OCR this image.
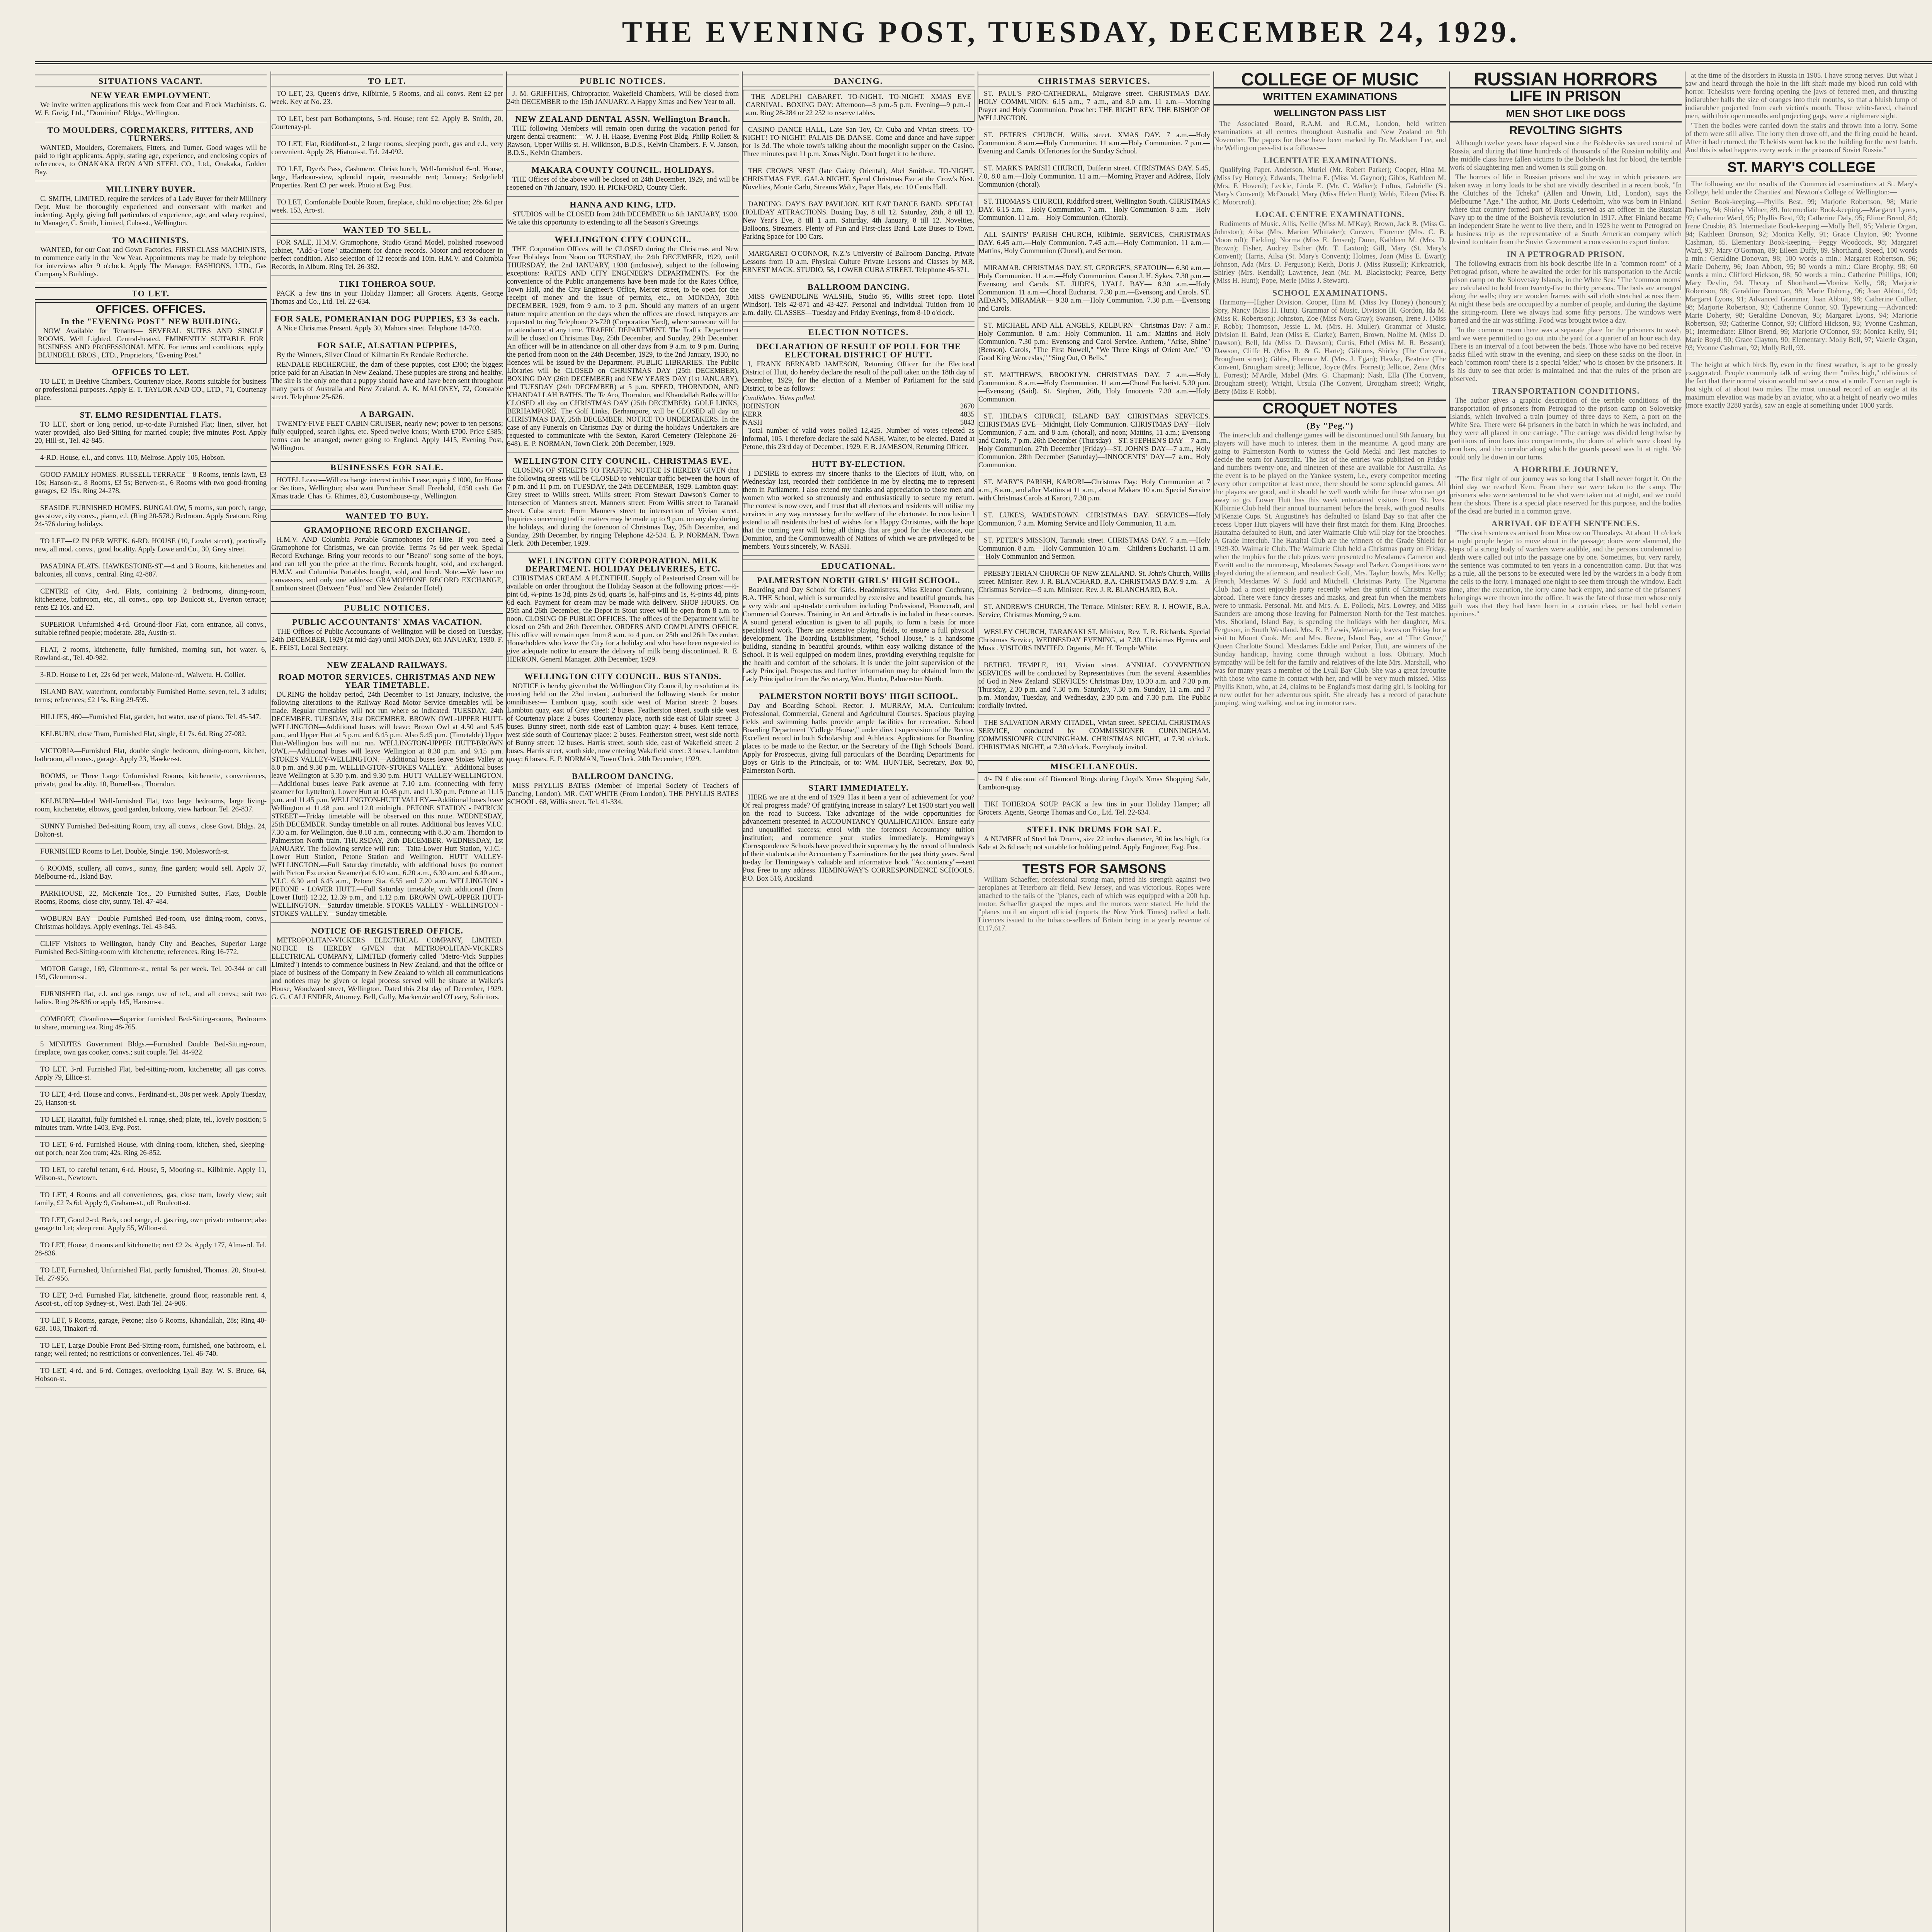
THE EVENING POST, TUESDAY, DECEMBER 24, 1929.
SITUATIONS VACANT.
NEW YEAR EMPLOYMENT.

We invite written applications this week from Coat and Frock Machinists. G. W. F. Greig, Ltd., "Dominion" Bldgs., Wellington.

TO MOULDERS, COREMAKERS, FITTERS, AND TURNERS.

WANTED, Moulders, Coremakers, Fitters, and Turner. Good wages will be paid to right applicants. Apply, stating age, experience, and enclosing copies of references, to ONAKAKA IRON AND STEEL CO., Ltd., Onakaka, Golden Bay.

MILLINERY BUYER.

C. SMITH, LIMITED, require the services of a Lady Buyer for their Millinery Dept. Must be thoroughly experienced and conversant with market and indenting. Apply, giving full particulars of experience, age, and salary required, to Manager, C. Smith, Limited, Cuba-st., Wellington.

TO MACHINISTS.

WANTED, for our Coat and Gown Factories, FIRST-CLASS MACHINISTS, to commence early in the New Year. Appointments may be made by telephone for interviews after 9 o'clock. Apply The Manager, FASHIONS, LTD., Gas Company's Buildings.

TO LET.
OFFICES. OFFICES.
In the "EVENING POST" NEW BUILDING.

NOW Available for Tenants— SEVERAL SUITES AND SINGLE ROOMS. Well Lighted. Central-heated. EMINENTLY SUITABLE FOR BUSINESS AND PROFESSIONAL MEN. For terms and conditions, apply BLUNDELL BROS., LTD., Proprietors, "Evening Post."

OFFICES TO LET.

TO LET, in Beehive Chambers, Courtenay place, Rooms suitable for business or professional purposes. Apply E. T. TAYLOR AND CO., LTD., 71, Courtenay place.

ST. ELMO RESIDENTIAL FLATS.

TO LET, short or long period, up-to-date Furnished Flat; linen, silver, hot water provided, also Bed-Sitting for married couple; five minutes Post. Apply 20, Hill-st., Tel. 42-845.

4-RD. House, e.l., and convs. 110, Melrose. Apply 105, Hobson.

GOOD FAMILY HOMES. RUSSELL TERRACE—8 Rooms, tennis lawn, £3 10s; Hanson-st., 8 Rooms, £3 5s; Berwen-st., 6 Rooms with two good-fronting garages, £2 15s. Ring 24-278.

SEASIDE FURNISHED HOMES. BUNGALOW, 5 rooms, sun porch, range, gas stove, city convs., piano, e.l. (Ring 20-578.) Bedroom. Apply Seatoun. Ring 24-576 during holidays.

TO LET—£2 IN PER WEEK. 6-RD. HOUSE (10, Lowlet street), practically new, all mod. convs., good locality. Apply Lowe and Co., 30, Grey street.

PASADINA FLATS. HAWKESTONE-ST.—4 and 3 Rooms, kitchenettes and balconies, all convs., central. Ring 42-887.

CENTRE of City, 4-rd. Flats, containing 2 bedrooms, dining-room, kitchenette, bathroom, etc., all convs., opp. top Boulcott st., Everton terrace; rents £2 10s. and £2.

SUPERIOR Unfurnished 4-rd. Ground-floor Flat, corn entrance, all convs., suitable refined people; moderate. 28a, Austin-st.

FLAT, 2 rooms, kitchenette, fully furnished, morning sun, hot water. 6, Rowland-st., Tel. 40-982.

3-RD. House to Let, 22s 6d per week, Malone-rd., Waiwetu. H. Collier.

ISLAND BAY, waterfront, comfortably Furnished Home, seven, tel., 3 adults; terms; references; £2 15s. Ring 29-595.

HILLIES, 460—Furnished Flat, garden, hot water, use of piano. Tel. 45-547.

KELBURN, close Tram, Furnished Flat, single, £1 7s. 6d. Ring 27-082.

VICTORIA—Furnished Flat, double single bedroom, dining-room, kitchen, bathroom, all convs., garage. Apply 23, Hawker-st.

ROOMS, or Three Large Unfurnished Rooms, kitchenette, conveniences, private, good locality. 10, Burnell-av., Thorndon.

KELBURN—Ideal Well-furnished Flat, two large bedrooms, large living-room, kitchenette, elbows, good garden, balcony, view harbour. Tel. 26-837.

SUNNY Furnished Bed-sitting Room, tray, all convs., close Govt. Bldgs. 24, Bolton-st.

FURNISHED Rooms to Let, Double, Single. 190, Molesworth-st.

6 ROOMS, scullery, all convs., sunny, fine garden; would sell. Apply 37, Melbourne-rd., Island Bay.

PARKHOUSE, 22, McKenzie Tce., 20 Furnished Suites, Flats, Double Rooms, Rooms, close city, sunny. Tel. 47-484.

WOBURN BAY—Double Furnished Bed-room, use dining-room, convs., Christmas holidays. Apply evenings. Tel. 43-845.

CLIFF Visitors to Wellington, handy City and Beaches, Superior Large Furnished Bed-Sitting-room with kitchenette; references. Ring 16-772.

MOTOR Garage, 169, Glenmore-st., rental 5s per week. Tel. 20-344 or call 159, Glenmore-st.

FURNISHED flat, e.l. and gas range, use of tel., and all convs.; suit two ladies. Ring 28-836 or apply 145, Hanson-st.

COMFORT, Cleanliness—Superior furnished Bed-Sitting-rooms, Bedrooms to share, morning tea. Ring 48-765.

5 MINUTES Government Bldgs.—Furnished Double Bed-Sitting-room, fireplace, own gas cooker, convs.; suit couple. Tel. 44-922.

TO LET, 3-rd. Furnished Flat, bed-sitting-room, kitchenette; all gas convs. Apply 79, Ellice-st.

TO LET, 4-rd. House and convs., Ferdinand-st., 30s per week. Apply Tuesday, 25, Hanson-st.

TO LET, Hataitai, fully furnished e.l. range, shed; plate, tel., lovely position; 5 minutes tram. Write 1403, Evg. Post.

TO LET, 6-rd. Furnished House, with dining-room, kitchen, shed, sleeping-out porch, near Zoo tram; 42s. Ring 26-852.

TO LET, to careful tenant, 6-rd. House, 5, Mooring-st., Kilbirnie. Apply 11, Wilson-st., Newtown.

TO LET, 4 Rooms and all conveniences, gas, close tram, lovely view; suit family, £2 7s 6d. Apply 9, Graham-st., off Boulcott-st.

TO LET, Good 2-rd. Back, cool range, el. gas ring, own private entrance; also garage to Let; sleep rent. Apply 55, Wilton-rd.

TO LET, House, 4 rooms and kitchenette; rent £2 2s. Apply 177, Alma-rd. Tel. 28-836.

TO LET, Furnished, Unfurnished Flat, partly furnished, Thomas. 20, Stout-st. Tel. 27-956.

TO LET, 3-rd. Furnished Flat, kitchenette, ground floor, reasonable rent. 4, Ascot-st., off top Sydney-st., West. Bath Tel. 24-906.

TO LET, 6 Rooms, garage, Petone; also 6 Rooms, Khandallah, 28s; Ring 40-628. 103, Tinakori-rd.

TO LET, Large Double Front Bed-Sitting-room, furnished, one bathroom, e.l. range; well rented; no restrictions or conveniences. Tel. 46-740.

TO LET, 4-rd. and 6-rd. Cottages, overlooking Lyall Bay. W. S. Bruce, 64, Hobson-st.

TO LET.

TO LET, 23, Queen's drive, Kilbirnie, 5 Rooms, and all convs. Rent £2 per week. Key at No. 23.

TO LET, best part Bothamptons, 5-rd. House; rent £2. Apply B. Smith, 20, Courtenay-pl.

TO LET, Flat, Riddiford-st., 2 large rooms, sleeping porch, gas and e.l., very convenient. Apply 28, Hiatoui-st. Tel. 24-092.

TO LET, Dyer's Pass, Cashmere, Christchurch, Well-furnished 6-rd. House, large, Harbour-view, splendid repair, reasonable rent; January; Sedgefield Properties. Rent £3 per week. Photo at Evg. Post.

TO LET, Comfortable Double Room, fireplace, child no objection; 28s 6d per week. 153, Aro-st.

WANTED TO SELL.

FOR SALE, H.M.V. Gramophone, Studio Grand Model, polished rosewood cabinet, "Add-a-Tone" attachment for dance records. Motor and reproducer in perfect condition. Also selection of 12 records and 10in. H.M.V. and Columbia Records, in Album. Ring Tel. 26-382.

TIKI TOHEROA SOUP.

PACK a few tins in your Holiday Hamper; all Grocers. Agents, George Thomas and Co., Ltd. Tel. 22-634.

FOR SALE, POMERANIAN DOG PUPPIES, £3 3s each.

A Nice Christmas Present. Apply 30, Mahora street. Telephone 14-703.

FOR SALE, ALSATIAN PUPPIES,

By the Winners, Silver Cloud of Kilmartin Ex Rendale Recherche.

RENDALE RECHERCHE, the dam of these puppies, cost £300; the biggest price paid for an Alsatian in New Zealand. These puppies are strong and healthy. The sire is the only one that a puppy should have and have been sent throughout many parts of Australia and New Zealand. A. K. MALONEY, 72, Constable street. Telephone 25-626.

A BARGAIN.

TWENTY-FIVE FEET CABIN CRUISER, nearly new; power to ten persons; fully equipped, search lights, etc. Speed twelve knots; Worth £700. Price £385; terms can be arranged; owner going to England. Apply 1415, Evening Post, Wellington.

BUSINESSES FOR SALE.

HOTEL Lease—Will exchange interest in this Lease, equity £1000, for House or Sections, Wellington; also want Purchaser Small Freehold, £450 cash. Get Xmas trade. Chas. G. Rhimes, 83, Customhouse-qy., Wellington.

WANTED TO BUY.
GRAMOPHONE RECORD EXCHANGE.

H.M.V. AND Columbia Portable Gramophones for Hire. If you need a Gramophone for Christmas, we can provide. Terms 7s 6d per week. Special Record Exchange. Bring your records to our "Beano" song some of the boys, and can tell you the price at the time. Records bought, sold, and exchanged. H.M.V. and Columbia Portables bought, sold, and hired. Note.—We have no canvassers, and only one address: GRAMOPHONE RECORD EXCHANGE, Lambton street (Between "Post" and New Zealander Hotel).

PUBLIC NOTICES.
PUBLIC ACCOUNTANTS' XMAS VACATION.

THE Offices of Public Accountants of Wellington will be closed on Tuesday, 24th DECEMBER, 1929 (at mid-day) until MONDAY, 6th JANUARY, 1930. F. E. FEIST, Local Secretary.

NEW ZEALAND RAILWAYS.
ROAD MOTOR SERVICES. CHRISTMAS AND NEW YEAR TIMETABLE.

DURING the holiday period, 24th December to 1st January, inclusive, the following alterations to the Railway Road Motor Service timetables will be made. Regular timetables will not run where so indicated. TUESDAY, 24th DECEMBER. TUESDAY, 31st DECEMBER. BROWN OWL-UPPER HUTT-WELLINGTON—Additional buses will leave: Brown Owl at 4.50 and 5.45 p.m., and Upper Hutt at 5 p.m. and 6.45 p.m. Also 5.45 p.m. (Timetable) Upper Hutt-Wellington bus will not run. WELLINGTON-UPPER HUTT-BROWN OWL.—Additional buses will leave Wellington at 8.30 p.m. and 9.15 p.m. STOKES VALLEY-WELLINGTON.—Additional buses leave Stokes Valley at 8.0 p.m. and 9.30 p.m. WELLINGTON-STOKES VALLEY.—Additional buses leave Wellington at 5.30 p.m. and 9.30 p.m. HUTT VALLEY-WELLINGTON.—Additional buses leave Park avenue at 7.10 a.m. (connecting with ferry steamer for Lyttelton). Lower Hutt at 10.48 p.m. and 11.30 p.m. Petone at 11.15 p.m. and 11.45 p.m. WELLINGTON-HUTT VALLEY.—Additional buses leave Wellington at 11.48 p.m. and 12.0 midnight. PETONE STATION - PATRICK STREET.—Friday timetable will be observed on this route. WEDNESDAY, 25th DECEMBER. Sunday timetable on all routes. Additional bus leaves V.I.C. 7.30 a.m. for Wellington, due 8.10 a.m., connecting with 8.30 a.m. Thorndon to Palmerston North train. THURSDAY, 26th DECEMBER. WEDNESDAY, 1st JANUARY. The following service will run:—Taita-Lower Hutt Station, V.I.C.-Lower Hutt Station, Petone Station and Wellington. HUTT VALLEY-WELLINGTON.—Full Saturday timetable, with additional buses (to connect with Picton Excursion Steamer) at 6.10 a.m., 6.20 a.m., 6.30 a.m. and 6.40 a.m., V.I.C. 6.30 and 6.45 a.m., Petone Sta. 6.55 and 7.20 a.m. WELLINGTON - PETONE - LOWER HUTT.—Full Saturday timetable, with additional (from Lower Hutt) 12.22, 12.39 p.m., and 1.12 p.m. BROWN OWL-UPPER HUTT-WELLINGTON.—Saturday timetable. STOKES VALLEY - WELLINGTON - STOKES VALLEY.—Sunday timetable.

NOTICE OF REGISTERED OFFICE.

METROPOLITAN-VICKERS ELECTRICAL COMPANY, LIMITED. NOTICE IS HEREBY GIVEN that METROPOLITAN-VICKERS ELECTRICAL COMPANY, LIMITED (formerly called "Metro-Vick Supplies Limited") intends to commence business in New Zealand, and that the office or place of business of the Company in New Zealand to which all communications and notices may be given or legal process served will be situate at Walker's House, Woodward street, Wellington. Dated this 21st day of December, 1929. G. G. CALLENDER, Attorney. Bell, Gully, Mackenzie and O'Leary, Solicitors.

PUBLIC NOTICES.

J. M. GRIFFITHS, Chiropractor, Wakefield Chambers, Will be closed from 24th DECEMBER to the 15th JANUARY. A Happy Xmas and New Year to all.

NEW ZEALAND DENTAL ASSN. Wellington Branch.

THE following Members will remain open during the vacation period for urgent dental treatment:— W. J. H. Haase, Evening Post Bldg. Philip Rollett & Rawson, Upper Willis-st. H. Wilkinson, B.D.S., Kelvin Chambers. F. V. Janson, B.D.S., Kelvin Chambers.

MAKARA COUNTY COUNCIL. HOLIDAYS.

THE Offices of the above will be closed on 24th December, 1929, and will be reopened on 7th January, 1930. H. PICKFORD, County Clerk.

HANNA AND KING, LTD.

STUDIOS will be CLOSED from 24th DECEMBER to 6th JANUARY, 1930. We take this opportunity to extending to all the Season's Greetings.

WELLINGTON CITY COUNCIL.

THE Corporation Offices will be CLOSED during the Christmas and New Year Holidays from Noon on TUESDAY, the 24th DECEMBER, 1929, until THURSDAY, the 2nd JANUARY, 1930 (inclusive), subject to the following exceptions: RATES AND CITY ENGINEER'S DEPARTMENTS. For the convenience of the Public arrangements have been made for the Rates Office, Town Hall, and the City Engineer's Office, Mercer street, to be open for the receipt of money and the issue of permits, etc., on MONDAY, 30th DECEMBER, 1929, from 9 a.m. to 3 p.m. Should any matters of an urgent nature require attention on the days when the offices are closed, ratepayers are requested to ring Telephone 23-720 (Corporation Yard), where someone will be in attendance at any time. TRAFFIC DEPARTMENT. The Traffic Department will be closed on Christmas Day, 25th December, and Sunday, 29th December. An officer will be in attendance on all other days from 9 a.m. to 9 p.m. During the period from noon on the 24th December, 1929, to the 2nd January, 1930, no licences will be issued by the Department. PUBLIC LIBRARIES. The Public Libraries will be CLOSED on CHRISTMAS DAY (25th DECEMBER), BOXING DAY (26th DECEMBER) and NEW YEAR'S DAY (1st JANUARY), and TUESDAY (24th DECEMBER) at 5 p.m. SPEED, THORNDON, AND KHANDALLAH BATHS. The Te Aro, Thorndon, and Khandallah Baths will be CLOSED all day on CHRISTMAS DAY (25th DECEMBER). GOLF LINKS, BERHAMPORE. The Golf Links, Berhampore, will be CLOSED all day on CHRISTMAS DAY, 25th DECEMBER. NOTICE TO UNDERTAKERS. In the case of any Funerals on Christmas Day or during the holidays Undertakers are requested to communicate with the Sexton, Karori Cemetery (Telephone 26-648). E. P. NORMAN, Town Clerk. 20th December, 1929.

WELLINGTON CITY COUNCIL. CHRISTMAS EVE.

CLOSING OF STREETS TO TRAFFIC. NOTICE IS HEREBY GIVEN that the following streets will be CLOSED to vehicular traffic between the hours of 7 p.m. and 11 p.m. on TUESDAY, the 24th DECEMBER, 1929. Lambton quay: Grey street to Willis street. Willis street: From Stewart Dawson's Corner to intersection of Manners street. Manners street: From Willis street to Taranaki street. Cuba street: From Manners street to intersection of Vivian street. Inquiries concerning traffic matters may be made up to 9 p.m. on any day during the holidays, and during the forenoon of Christmas Day, 25th December, and Sunday, 29th December, by ringing Telephone 42-534. E. P. NORMAN, Town Clerk. 20th December, 1929.

WELLINGTON CITY CORPORATION. MILK DEPARTMENT. HOLIDAY DELIVERIES, ETC.

CHRISTMAS CREAM. A PLENTIFUL Supply of Pasteurised Cream will be available on order throughout the Holiday Season at the following prices:—½-pint 6d, ¼-pints 1s 3d, pints 2s 6d, quarts 5s, half-pints and 1s, ½-pints 4d, pints 6d each. Payment for cream may be made with delivery. SHOP HOURS. On 25th and 26th December, the Depot in Stout street will be open from 8 a.m. to noon. CLOSING OF PUBLIC OFFICES. The offices of the Department will be closed on 25th and 26th December. ORDERS AND COMPLAINTS OFFICE. This office will remain open from 8 a.m. to 4 p.m. on 25th and 26th December. Householders who leave the City for a holiday and who have been requested to give adequate notice to ensure the delivery of milk being discontinued. R. E. HERRON, General Manager. 20th December, 1929.

WELLINGTON CITY COUNCIL. BUS STANDS.

NOTICE is hereby given that the Wellington City Council, by resolution at its meeting held on the 23rd instant, authorised the following stands for motor omnibuses:— Lambton quay, south side west of Marion street: 2 buses. Lambton quay, east of Grey street: 2 buses. Featherston street, south side west of Courtenay place: 2 buses. Courtenay place, north side east of Blair street: 3 buses. Bunny street, north side east of Lambton quay: 4 buses. Kent terrace, west side south of Courtenay place: 2 buses. Featherston street, west side north of Bunny street: 12 buses. Harris street, south side, east of Wakefield street: 2 buses. Harris street, south side, now entering Wakefield street: 3 buses. Lambton quay: 6 buses. E. P. NORMAN, Town Clerk. 24th December, 1929.

BALLROOM DANCING.

MISS PHYLLIS BATES (Member of Imperial Society of Teachers of Dancing, London). MR. CAT WHITE (From London). THE PHYLLIS BATES SCHOOL. 68, Willis street. Tel. 41-334.

DANCING.

THE ADELPHI CABARET. TO-NIGHT. TO-NIGHT. XMAS EVE CARNIVAL. BOXING DAY: Afternoon—3 p.m.-5 p.m. Evening—9 p.m.-1 a.m. Ring 28-284 or 22 252 to reserve tables.

CASINO DANCE HALL, Late San Toy, Cr. Cuba and Vivian streets. TO-NIGHT! TO-NIGHT! PALAIS DE DANSE. Come and dance and have supper for 1s 3d. The whole town's talking about the moonlight supper on the Casino. Three minutes past 11 p.m. Xmas Night. Don't forget it to be there.

THE CROW'S NEST (late Gaiety Oriental), Abel Smith-st. TO-NIGHT. CHRISTMAS EVE. GALA NIGHT. Spend Christmas Eve at the Crow's Nest. Novelties, Monte Carlo, Streams Waltz, Paper Hats, etc. 10 Cents Hall.

DANCING. DAY'S BAY PAVILION. KIT KAT DANCE BAND. SPECIAL HOLIDAY ATTRACTIONS. Boxing Day, 8 till 12. Saturday, 28th, 8 till 12. New Year's Eve, 8 till 1 a.m. Saturday, 4th January, 8 till 12. Novelties, Balloons, Streamers. Plenty of Fun and First-class Band. Late Buses to Town. Parking Space for 100 Cars.

MARGARET O'CONNOR, N.Z.'s University of Ballroom Dancing. Private Lessons from 10 a.m. Physical Culture Private Lessons and Classes by MR. ERNEST MACK. STUDIO, 58, LOWER CUBA STREET. Telephone 45-371.

BALLROOM DANCING.

MISS GWENDOLINE WALSHE, Studio 95, Willis street (opp. Hotel Windsor). Tels 42-871 and 43-427. Personal and Individual Tuition from 10 a.m. daily. CLASSES—Tuesday and Friday Evenings, from 8-10 o'clock.

ELECTION NOTICES.
DECLARATION OF RESULT OF POLL FOR THE ELECTORAL DISTRICT OF HUTT.

I, FRANK BERNARD JAMESON, Returning Officer for the Electoral District of Hutt, do hereby declare the result of the poll taken on the 18th day of December, 1929, for the election of a Member of Parliament for the said District, to be as follows:—

Candidates. Votes polled.
JOHNSTON	2670
KERR	4835
NASH	5043

Total number of valid votes polled 12,425. Number of votes rejected as informal, 105. I therefore declare the said NASH, Walter, to be elected. Dated at Petone, this 23rd day of December, 1929. F. B. JAMESON, Returning Officer.

HUTT BY-ELECTION.

I DESIRE to express my sincere thanks to the Electors of Hutt, who, on Wednesday last, recorded their confidence in me by electing me to represent them in Parliament. I also extend my thanks and appreciation to those men and women who worked so strenuously and enthusiastically to secure my return. The contest is now over, and I trust that all electors and residents will utilise my services in any way necessary for the welfare of the electorate. In conclusion I extend to all residents the best of wishes for a Happy Christmas, with the hope that the coming year will bring all things that are good for the electorate, our Dominion, and the Commonwealth of Nations of which we are privileged to be members. Yours sincerely, W. NASH.

EDUCATIONAL.
PALMERSTON NORTH GIRLS' HIGH SCHOOL.

Boarding and Day School for Girls. Headmistress, Miss Eleanor Cochrane, B.A. THE School, which is surrounded by extensive and beautiful grounds, has a very wide and up-to-date curriculum including Professional, Homecraft, and Commercial Courses. Training in Art and Artcrafts is included in these courses. A sound general education is given to all pupils, to form a basis for more specialised work. There are extensive playing fields, to ensure a full physical development. The Boarding Establishment, "School House," is a handsome building, standing in beautiful grounds, within easy walking distance of the School. It is well equipped on modern lines, providing everything requisite for the health and comfort of the scholars. It is under the joint supervision of the Lady Principal. Prospectus and further information may be obtained from the Lady Principal or from the Secretary, Wm. Hunter, Palmerston North.

PALMERSTON NORTH BOYS' HIGH SCHOOL.

Day and Boarding School. Rector: J. MURRAY, M.A. Curriculum: Professional, Commercial, General and Agricultural Courses. Spacious playing fields and swimming baths provide ample facilities for recreation. School Boarding Department "College House," under direct supervision of the Rector. Excellent record in both Scholarship and Athletics. Applications for Boarding places to be made to the Rector, or the Secretary of the High Schools' Board. Apply for Prospectus, giving full particulars of the Boarding Departments for Boys or Girls to the Principals, or to: WM. HUNTER, Secretary, Box 80, Palmerston North.

START IMMEDIATELY.

HERE we are at the end of 1929. Has it been a year of achievement for you? Of real progress made? Of gratifying increase in salary? Let 1930 start you well on the road to Success. Take advantage of the wide opportunities for advancement presented in ACCOUNTANCY QUALIFICATION. Ensure early and unqualified success; enrol with the foremost Accountancy tuition institution; and commence your studies immediately. Hemingway's Correspondence Schools have proved their supremacy by the record of hundreds of their students at the Accountancy Examinations for the past thirty years. Send to-day for Hemingway's valuable and informative book "Accountancy"—sent Post Free to any address. HEMINGWAY'S CORRESPONDENCE SCHOOLS. P.O. Box 516, Auckland.

CHRISTMAS SERVICES.

ST. PAUL'S PRO-CATHEDRAL, Mulgrave street. CHRISTMAS DAY. HOLY COMMUNION: 6.15 a.m., 7 a.m., and 8.0 a.m. 11 a.m.—Morning Prayer and Holy Communion. Preacher: THE RIGHT REV. THE BISHOP OF WELLINGTON.

ST. PETER'S CHURCH, Willis street. XMAS DAY. 7 a.m.—Holy Communion. 8 a.m.—Holy Communion. 11 a.m.—Holy Communion. 7 p.m.—Evening and Carols. Offertories for the Sunday School.

ST. MARK'S PARISH CHURCH, Dufferin street. CHRISTMAS DAY. 5.45, 7.0, 8.0 a.m.—Holy Communion. 11 a.m.—Morning Prayer and Address, Holy Communion (choral).

ST. THOMAS'S CHURCH, Riddiford street, Wellington South. CHRISTMAS DAY. 6.15 a.m.—Holy Communion. 7 a.m.—Holy Communion. 8 a.m.—Holy Communion. 11 a.m.—Holy Communion. (Choral).

ALL SAINTS' PARISH CHURCH, Kilbirnie. SERVICES, CHRISTMAS DAY. 6.45 a.m.—Holy Communion. 7.45 a.m.—Holy Communion. 11 a.m.—Mattins, Holy Communion (Choral), and Sermon.

MIRAMAR. CHRISTMAS DAY. ST. GEORGE'S, SEATOUN— 6.30 a.m.—Holy Communion. 11 a.m.—Holy Communion. Canon J. H. Sykes. 7.30 p.m.—Evensong and Carols. ST. JUDE'S, LYALL BAY— 8.30 a.m.—Holy Communion. 11 a.m.—Choral Eucharist. 7.30 p.m.—Evensong and Carols. ST. AIDAN'S, MIRAMAR— 9.30 a.m.—Holy Communion. 7.30 p.m.—Evensong and Carols.

ST. MICHAEL AND ALL ANGELS, KELBURN—Christmas Day: 7 a.m.: Holy Communion. 8 a.m.: Holy Communion. 11 a.m.: Mattins and Holy Communion. 7.30 p.m.: Evensong and Carol Service. Anthem, "Arise, Shine" (Benson). Carols, "The First Nowell," "We Three Kings of Orient Are," "O Good King Wenceslas," "Sing Out, O Bells."

ST. MATTHEW'S, BROOKLYN. CHRISTMAS DAY. 7 a.m.—Holy Communion. 8 a.m.—Holy Communion. 11 a.m.—Choral Eucharist. 5.30 p.m.—Evensong (Said). St. Stephen, 26th, Holy Innocents 7.30 a.m.—Holy Communion.

ST. HILDA'S CHURCH, ISLAND BAY. CHRISTMAS SERVICES. CHRISTMAS EVE—Midnight, Holy Communion. CHRISTMAS DAY—Holy Communion, 7 a.m. and 8 a.m. (choral), and noon; Mattins, 11 a.m.; Evensong and Carols, 7 p.m. 26th December (Thursday)—ST. STEPHEN'S DAY—7 a.m., Holy Communion. 27th December (Friday)—ST. JOHN'S DAY—7 a.m., Holy Communion. 28th December (Saturday)—INNOCENTS' DAY—7 a.m., Holy Communion.

ST. MARY'S PARISH, KARORI—Christmas Day: Holy Communion at 7 a.m., 8 a.m., and after Mattins at 11 a.m., also at Makara 10 a.m. Special Service with Christmas Carols at Karori, 7.30 p.m.

ST. LUKE'S, WADESTOWN. CHRISTMAS DAY. SERVICES—Holy Communion, 7 a.m. Morning Service and Holy Communion, 11 a.m.

ST. PETER'S MISSION, Taranaki street. CHRISTMAS DAY. 7 a.m.—Holy Communion. 8 a.m.—Holy Communion. 10 a.m.—Children's Eucharist. 11 a.m.—Holy Communion and Sermon.

PRESBYTERIAN CHURCH OF NEW ZEALAND. St. John's Church, Willis street. Minister: Rev. J. R. BLANCHARD, B.A. CHRISTMAS DAY. 9 a.m.—A Christmas Service—9 a.m. Minister: Rev. J. R. BLANCHARD, B.A.

ST. ANDREW'S CHURCH, The Terrace. Minister: REV. R. J. HOWIE, B.A. Service, Christmas Morning, 9 a.m.

WESLEY CHURCH, TARANAKI ST. Minister, Rev. T. R. Richards. Special Christmas Service, WEDNESDAY EVENING, at 7.30. Christmas Hymns and Music. VISITORS INVITED. Organist, Mr. H. Temple White.

BETHEL TEMPLE, 191, Vivian street. ANNUAL CONVENTION SERVICES will be conducted by Representatives from the several Assemblies of God in New Zealand. SERVICES: Christmas Day, 10.30 a.m. and 7.30 p.m. Thursday, 2.30 p.m. and 7.30 p.m. Saturday, 7.30 p.m. Sunday, 11 a.m. and 7 p.m. Monday, Tuesday, and Wednesday, 2.30 p.m. and 7.30 p.m. The Public cordially invited.

THE SALVATION ARMY CITADEL, Vivian street. SPECIAL CHRISTMAS SERVICE, conducted by COMMISSIONER CUNNINGHAM. COMMISSIONER CUNNINGHAM. CHRISTMAS NIGHT, at 7.30 o'clock. CHRISTMAS NIGHT, at 7.30 o'clock. Everybody invited.

MISCELLANEOUS.

4/- IN £ discount off Diamond Rings during Lloyd's Xmas Shopping Sale, Lambton-quay.

TIKI TOHEROA SOUP. PACK a few tins in your Holiday Hamper; all Grocers. Agents, George Thomas and Co., Ltd. Tel. 22-634.

STEEL INK DRUMS FOR SALE.

A NUMBER of Steel Ink Drums, size 22 inches diameter, 30 inches high, for Sale at 2s 6d each; not suitable for holding petrol. Apply Engineer, Evg. Post.

TESTS FOR SAMSONS

William Schaeffer, professional strong man, pitted his strength against two aeroplanes at Teterboro air field, New Jersey, and was victorious. Ropes were attached to the tails of the "planes, each of which was equipped with a 200 h.p. motor. Schaeffer grasped the ropes and the motors were started. He held the "planes until an airport official (reports the New York Times) called a halt. Licences issued to the tobacco-sellers of Britain bring in a yearly revenue of £117,617.

COLLEGE OF MUSIC
WRITTEN EXAMINATIONS
WELLINGTON PASS LIST

The Associated Board, R.A.M. and R.C.M., London, held written examinations at all centres throughout Australia and New Zealand on 9th November. The papers for these have been marked by Dr. Markham Lee, and the Wellington pass-list is a follows:—

LICENTIATE EXAMINATIONS.

Qualifying Paper. Anderson, Muriel (Mr. Robert Parker); Cooper, Hina M. (Miss Ivy Honey); Edwards, Thelma E. (Miss M. Gaynor); Gibbs, Kathleen M. (Mrs. F. Hoverd); Leckie, Linda E. (Mr. C. Walker); Loftus, Gabrielle (St. Mary's Convent); McDonald, Mary (Miss Helen Hunt); Webb, Eileen (Miss B. C. Moorcroft).

LOCAL CENTRE EXAMINATIONS.

Rudiments of Music. Allis, Nellie (Miss M. M'Kay); Brown, Jack B. (Miss G. Johnston); Ailsa (Mrs. Marion Whittaker); Curwen, Florence (Mrs. C. B. Moorcroft); Fielding, Norma (Miss E. Jensen); Dunn, Kathleen M. (Mrs. D. Brown); Fisher, Audrey Esther (Mr. T. Laxton); Gill, Mary (St. Mary's Convent); Harris, Ailsa (St. Mary's Convent); Holmes, Joan (Miss E. Ewart); Johnson, Ada (Mrs. D. Ferguson); Keith, Doris J. (Miss Russell); Kirkpatrick, Shirley (Mrs. Kendall); Lawrence, Jean (Mr. M. Blackstock); Pearce, Betty (Miss H. Hunt); Pope, Merle (Miss J. Stewart).

SCHOOL EXAMINATIONS.

Harmony—Higher Division. Cooper, Hina M. (Miss Ivy Honey) (honours); Spry, Nancy (Miss H. Hunt). Grammar of Music, Division III. Gordon, Ida M. (Miss R. Robertson); Johnston, Zoe (Miss Nora Gray); Swanson, Irene J. (Miss F. Robb); Thompson, Jessie L. M. (Mrs. H. Muller). Grammar of Music, Division II. Baird, Jean (Miss E. Clarke); Barrett, Brown, Noline M. (Miss D. Dawson); Bell, Ida (Miss D. Dawson); Curtis, Ethel (Miss M. R. Bessant); Dawson, Cliffe H. (Miss R. & G. Harte); Gibbons, Shirley (The Convent, Brougham street); Gibbs, Florence M. (Mrs. J. Egan); Hawke, Beatrice (The Convent, Brougham street); Jellicoe, Joyce (Mrs. Forrest); Jellicoe, Zena (Mrs. L. Forrest); M'Ardle, Mabel (Mrs. G. Chapman); Nash, Ella (The Convent, Brougham street); Wright, Ursula (The Convent, Brougham street); Wright, Betty (Miss F. Robb).

CROQUET NOTES
(By "Peg.")

The inter-club and challenge games will be discontinued until 9th January, but players will have much to interest them in the meantime. A good many are going to Palmerston North to witness the Gold Medal and Test matches to decide the team for Australia. The list of the entries was published on Friday and numbers twenty-one, and nineteen of these are available for Australia. As the event is to be played on the Yankee system, i.e., every competitor meeting every other competitor at least once, there should be some splendid games. All the players are good, and it should be well worth while for those who can get away to go. Lower Hutt has this week entertained visitors from St. Ives. Kilbirnie Club held their annual tournament before the break, with good results. M'Kenzie Cups. St. Augustine's has defaulted to Island Bay so that after the recess Upper Hutt players will have their first match for them. King Brooches. Hautaina defaulted to Hutt, and later Waimarie Club will play for the brooches. A Grade Interclub. The Hataitai Club are the winners of the Grade Shield for 1929-30. Waimarie Club. The Waimarie Club held a Christmas party on Friday, when the trophies for the club prizes were presented to Mesdames Cameron and Everitt and to the runners-up, Mesdames Savage and Parker. Competitions were played during the afternoon, and resulted: Golf, Mrs. Taylor; bowls, Mrs. Kelly; French, Mesdames W. S. Judd and Mitchell. Christmas Party. The Ngaroma Club had a most enjoyable party recently when the spirit of Christmas was abroad. There were fancy dresses and masks, and great fun when the members were to unmask. Personal. Mr. and Mrs. A. E. Pollock, Mrs. Lowrey, and Miss Saunders are among those leaving for Palmerston North for the Test matches. Mrs. Shorland, Island Bay, is spending the holidays with her daughter, Mrs. Ferguson, in South Westland. Mrs. R. P. Lewis, Waimarie, leaves on Friday for a visit to Mount Cook. Mr. and Mrs. Reene, Island Bay, are at "The Grove," Queen Charlotte Sound. Mesdames Eddie and Parker, Hutt, are winners of the Sunday handicap, having come through without a loss. Obituary. Much sympathy will be felt for the family and relatives of the late Mrs. Marshall, who was for many years a member of the Lyall Bay Club. She was a great favourite with those who came in contact with her, and will be very much missed. Miss Phyllis Knott, who, at 24, claims to be England's most daring girl, is looking for a new outlet for her adventurous spirit. She already has a record of parachute jumping, wing walking, and racing in motor cars.

RUSSIAN HORRORS
LIFE IN PRISON
MEN SHOT LIKE DOGS
REVOLTING SIGHTS

Although twelve years have elapsed since the Bolsheviks secured control of Russia, and during that time hundreds of thousands of the Russian nobility and the middle class have fallen victims to the Bolshevik lust for blood, the terrible work of slaughtering men and women is still going on.

The horrors of life in Russian prisons and the way in which prisoners are taken away in lorry loads to be shot are vividly described in a recent book, "In the Clutches of the Tcheka" (Allen and Unwin, Ltd., London), says the Melbourne "Age." The author, Mr. Boris Cederholm, who was born in Finland where that country formed part of Russia, served as an officer in the Russian Navy up to the time of the Bolshevik revolution in 1917. After Finland became an independent State he went to live there, and in 1923 he went to Petrograd on a business trip as the representative of a South American company which desired to obtain from the Soviet Government a concession to export timber.

IN A PETROGRAD PRISON.

The following extracts from his book describe life in a "common room" of a Petrograd prison, where he awaited the order for his transportation to the Arctic prison camp on the Solovetsky Islands, in the White Sea: "The 'common rooms' are calculated to hold from twenty-five to thirty persons. The beds are arranged along the walls; they are wooden frames with sail cloth stretched across them. At night these beds are occupied by a number of people, and during the daytime the sitting-room. Here we always had some fifty persons. The windows were barred and the air was stifling. Food was brought twice a day.

"In the common room there was a separate place for the prisoners to wash, and we were permitted to go out into the yard for a quarter of an hour each day. There is an interval of a foot between the beds. Those who have no bed receive sacks filled with straw in the evening, and sleep on these sacks on the floor. In each 'common room' there is a special 'elder,' who is chosen by the prisoners. It is his duty to see that order is maintained and that the rules of the prison are observed.

TRANSPORTATION CONDITIONS.

The author gives a graphic description of the terrible conditions of the transportation of prisoners from Petrograd to the prison camp on Solovetsky Islands, which involved a train journey of three days to Kem, a port on the White Sea. There were 64 prisoners in the batch in which he was included, and they were all placed in one carriage. "The carriage was divided lengthwise by partitions of iron bars into compartments, the doors of which were closed by iron bars, and the corridor along which the guards passed was lit at night. We could only lie down in our turns.

A HORRIBLE JOURNEY.

"The first night of our journey was so long that I shall never forget it. On the third day we reached Kem. From there we were taken to the camp. The prisoners who were sentenced to be shot were taken out at night, and we could hear the shots. There is a special place reserved for this purpose, and the bodies of the dead are buried in a common grave.

ARRIVAL OF DEATH SENTENCES.

"The death sentences arrived from Moscow on Thursdays. At about 11 o'clock at night people began to move about in the passage; doors were slammed, the steps of a strong body of warders were audible, and the persons condemned to death were called out into the passage one by one. Sometimes, but very rarely, the sentence was commuted to ten years in a concentration camp. But that was as a rule, all the persons to be executed were led by the warders in a body from the cells to the lorry. I managed one night to see them through the window. Each time, after the execution, the lorry came back empty, and some of the prisoners' belongings were thrown into the office. It was the fate of those men whose only guilt was that they had been born in a certain class, or had held certain opinions."

at the time of the disorders in Russia in 1905. I have strong nerves. But what I saw and heard through the hole in the lift shaft made my blood run cold with horror. Tchekists were forcing opening the jaws of fettered men, and thrusting indiarubber balls the size of oranges into their mouths, so that a bluish lump of indiarubber projected from each victim's mouth. Those white-faced, chained men, with their open mouths and projecting gags, were a nightmare sight.

"Then the bodies were carried down the stairs and thrown into a lorry. Some of them were still alive. The lorry then drove off, and the firing could be heard. After it had returned, the Tchekists went back to the building for the next batch. And this is what happens every week in the prisons of Soviet Russia."

ST. MARY'S COLLEGE

The following are the results of the Commercial examinations at St. Mary's College, held under the Charities' and Newton's College of Wellington:—

Senior Book-keeping.—Phyllis Best, 99; Marjorie Robertson, 98; Marie Doherty, 94; Shirley Milner, 89. Intermediate Book-keeping.—Margaret Lyons, 97; Catherine Ward, 95; Phyllis Best, 93; Catherine Daly, 95; Elinor Brend, 84; Irene Crosbie, 83. Intermediate Book-keeping.—Molly Bell, 95; Valerie Organ, 94; Kathleen Bronson, 92; Monica Kelly, 91; Grace Clayton, 90; Yvonne Cashman, 85. Elementary Book-keeping.—Peggy Woodcock, 98; Margaret Ward, 97; Mary O'Gorman, 89; Eileen Duffy, 89. Shorthand, Speed, 100 words a min.: Geraldine Donovan, 98; 100 words a min.: Margaret Robertson, 96; Marie Doherty, 96; Joan Abbott, 95; 80 words a min.: Clare Brophy, 98; 60 words a min.: Clifford Hickson, 98; 50 words a min.: Catherine Phillips, 100; Mary Devlin, 94. Theory of Shorthand.—Monica Kelly, 98; Marjorie Robertson, 98; Geraldine Donovan, 98; Marie Doherty, 96; Joan Abbott, 94; Margaret Lyons, 91; Advanced Grammar, Joan Abbott, 98; Catherine Collier, 98; Marjorie Robertson, 93; Catherine Connor, 93. Typewriting.—Advanced: Marie Doherty, 98; Geraldine Donovan, 95; Margaret Lyons, 94; Marjorie Robertson, 93; Catherine Connor, 93; Clifford Hickson, 93; Yvonne Cashman, 91; Intermediate: Elinor Brend, 99; Marjorie O'Connor, 93; Monica Kelly, 91; Marie Boyd, 90; Grace Clayton, 90; Elementary: Molly Bell, 97; Valerie Organ, 93; Yvonne Cashman, 92; Molly Bell, 93.

The height at which birds fly, even in the finest weather, is apt to be grossly exaggerated. People commonly talk of seeing them "miles high," oblivious of the fact that their normal vision would not see a crow at a mile. Even an eagle is lost sight of at about two miles. The most unusual record of an eagle at its maximum elevation was made by an aviator, who at a height of nearly two miles (more exactly 3280 yards), saw an eagle at something under 1000 yards.
